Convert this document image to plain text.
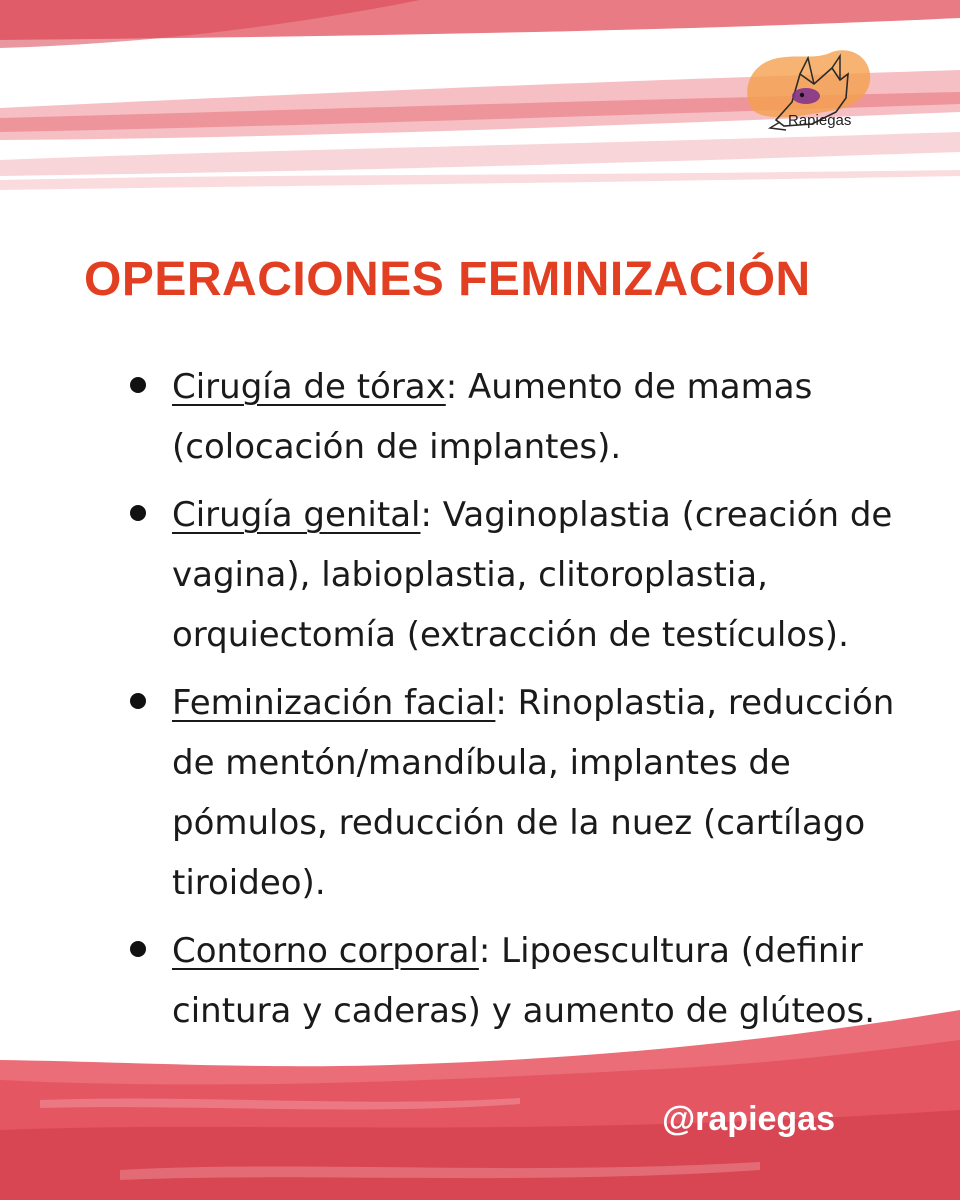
Rapiegas
OPERACIONES FEMINIZACIÓN
Cirugía de tórax: Aumento de mamas (colocación de implantes).
Cirugía genital: Vaginoplastia (creación de vagina), labioplastia, clitoroplastia, orquiectomía (extracción de testículos).
Feminización facial: Rinoplastia, reducción de mentón/mandíbula, implantes de pómulos, reducción de la nuez (cartílago tiroideo).
Contorno corporal: Lipoescultura (definir cintura y caderas) y aumento de glúteos.
@rapiegas
